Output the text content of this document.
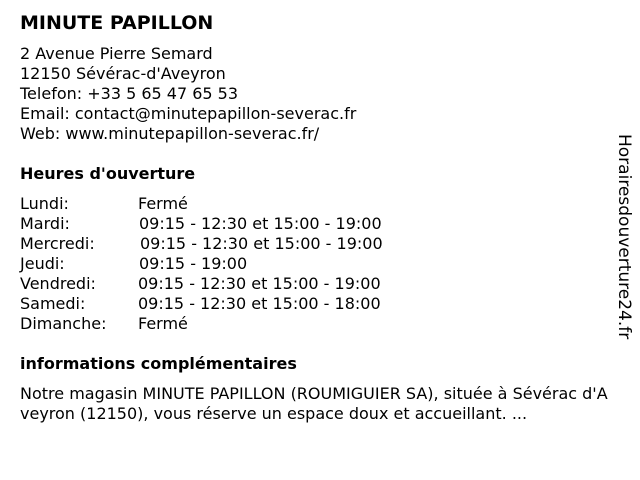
MINUTE PAPILLON
2 Avenue Pierre Semard
12150 Sévérac-d'Aveyron
Telefon: +33 5 65 47 65 53
Email: contact@minutepapillon-severac.fr
Web: www.minutepapillon-severac.fr/
Heures d'ouverture
Lundi:	Fermé
Mardi:	09:15 - 12:30 et 15:00 - 19:00
Mercredi:	09:15 - 12:30 et 15:00 - 19:00
Jeudi:	09:15 - 19:00
Vendredi:	09:15 - 12:30 et 15:00 - 19:00
Samedi:	09:15 - 12:30 et 15:00 - 18:00
Dimanche: Fermé
informations complémentaires
Notre magasin MINUTE PAPILLON (ROUMIGUIER SA), située à Sévérac d'Aveyron (12150), vous réserve un espace doux et accueillant. ...
Horairesdouverture24.fr
